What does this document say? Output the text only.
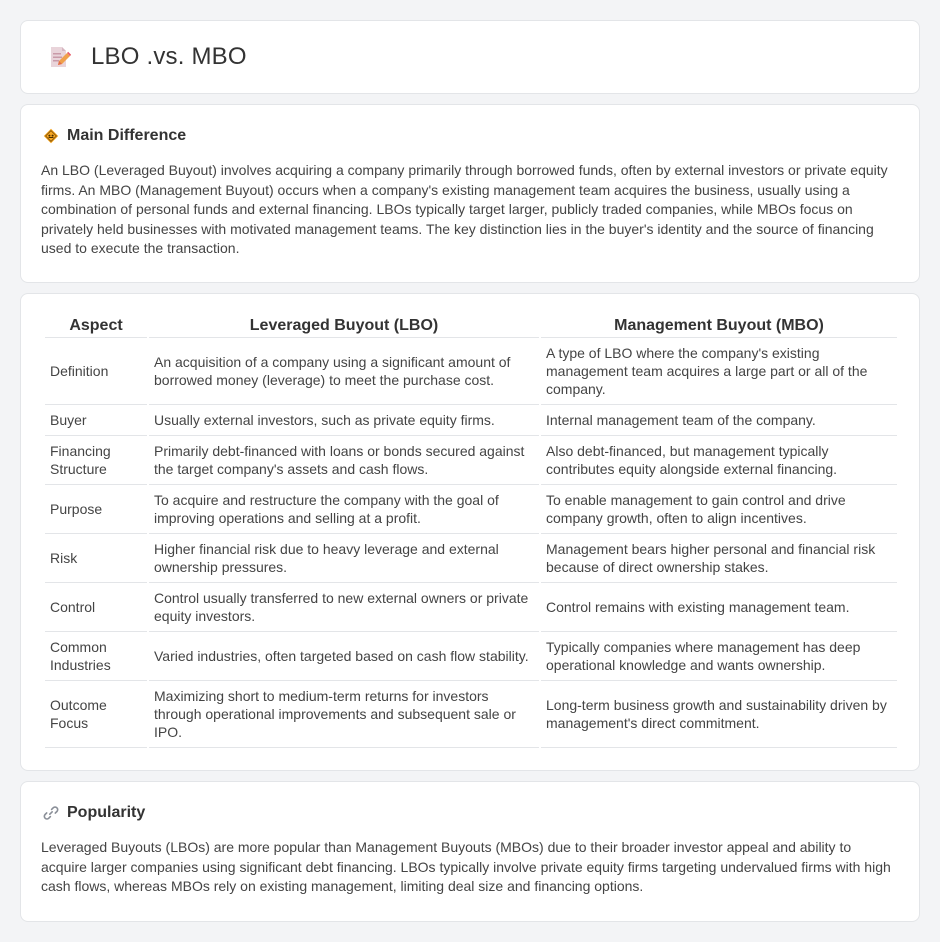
LBO .vs. MBO
Main Difference

An LBO (Leveraged Buyout) involves acquiring a company primarily through borrowed funds, often by external investors or private equity firms. An MBO (Management Buyout) occurs when a company's existing management team acquires the business, usually using a combination of personal funds and external financing. LBOs typically target larger, publicly traded companies, while MBOs focus on privately held businesses with motivated management teams. The key distinction lies in the buyer's identity and the source of financing used to execute the transaction.

Aspect	Leveraged Buyout (LBO)	Management Buyout (MBO)
Definition	An acquisition of a company using a significant amount of borrowed money (leverage) to meet the purchase cost.	A type of LBO where the company's existing management team acquires a large part or all of the company.
Buyer	Usually external investors, such as private equity firms.	Internal management team of the company.
Financing Structure	Primarily debt-financed with loans or bonds secured against the target company's assets and cash flows.	Also debt-financed, but management typically contributes equity alongside external financing.
Purpose	To acquire and restructure the company with the goal of improving operations and selling at a profit.	To enable management to gain control and drive company growth, often to align incentives.
Risk	Higher financial risk due to heavy leverage and external ownership pressures.	Management bears higher personal and financial risk because of direct ownership stakes.
Control	Control usually transferred to new external owners or private equity investors.	Control remains with existing management team.
Common Industries	Varied industries, often targeted based on cash flow stability.	Typically companies where management has deep operational knowledge and wants ownership.
Outcome Focus	Maximizing short to medium-term returns for investors through operational improvements and subsequent sale or IPO.	Long-term business growth and sustainability driven by management's direct commitment.
Popularity

Leveraged Buyouts (LBOs) are more popular than Management Buyouts (MBOs) due to their broader investor appeal and ability to acquire larger companies using significant debt financing. LBOs typically involve private equity firms targeting undervalued firms with high cash flows, whereas MBOs rely on existing management, limiting deal size and financing options.
